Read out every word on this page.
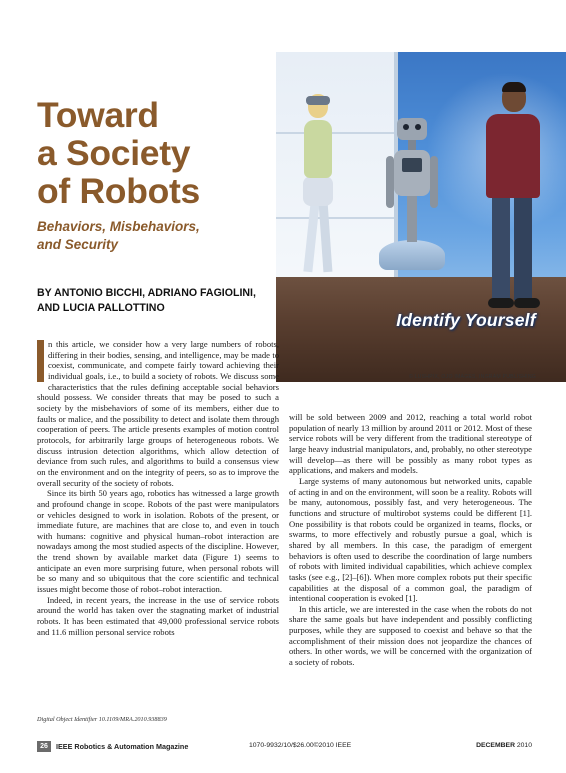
Identify Yourself
© LUSHPIX, OJO IMAGES, INGRAM PUBLISHING
Toward
a Society
of Robots
Behaviors, Misbehaviors,
and Security
BY ANTONIO BICCHI, ADRIANO FAGIOLINI,
AND LUCIA PALLOTTINO

n this article, we consider how a very large numbers of robots, differing in their bodies, sensing, and intelligence, may be made to coexist, communicate, and compete fairly toward achieving their individual goals, i.e., to build a society of robots. We discuss some characteristics that the rules defining acceptable social behaviors should possess. We consider threats that may be posed to such a society by the misbehaviors of some of its members, either due to faults or malice, and the possibility to detect and isolate them through cooperation of peers. The article presents examples of motion control protocols, for arbitrarily large groups of heterogeneous robots. We discuss intrusion detection algorithms, which allow detection of deviance from such rules, and algorithms to build a consensus view on the environment and on the integrity of peers, so as to improve the overall security of the society of robots.

Since its birth 50 years ago, robotics has witnessed a large growth and profound change in scope. Robots of the past were manipulators or vehicles designed to work in isolation. Robots of the present, or immediate future, are machines that are close to, and even in touch with humans: cognitive and physical human–robot interaction are nowadays among the most studied aspects of the discipline. However, the trend shown by available market data (Figure 1) seems to anticipate an even more surprising future, when personal robots will be so many and so ubiquitous that the core scientific and technical issues might become those of robot–robot interaction.

Indeed, in recent years, the increase in the use of service robots around the world has taken over the stagnating market of industrial robots. It has been estimated that 49,000 professional service robots and 11.6 million personal service robots

will be sold between 2009 and 2012, reaching a total world robot population of nearly 13 million by around 2011 or 2012. Most of these service robots will be very different from the traditional stereotype of large heavy industrial manipulators, and, probably, no other stereotype will develop—as there will be possibly as many robot types as applications, and makers and models.

Large systems of many autonomous but networked units, capable of acting in and on the environment, will soon be a reality. Robots will be many, autonomous, possibly fast, and very heterogeneous. The functions and structure of multirobot systems could be different [1]. One possibility is that robots could be organized in teams, flocks, or swarms, to more effectively and robustly pursue a goal, which is shared by all members. In this case, the paradigm of emergent behaviors is often used to describe the coordination of large numbers of robots with limited individual capabilities, which achieve complex tasks (see e.g., [2]–[6]). When more complex robots put their specific capabilities at the disposal of a common goal, the paradigm of intentional cooperation is evoked [1].

In this article, we are interested in the case when the robots do not share the same goals but have independent and possibly conflicting purposes, while they are supposed to coexist and behave so that the accomplishment of their mission does not jeopardize the chances of others. In other words, we will be concerned with the organization of a society of robots.

Digital Object Identifier 10.1109/MRA.2010.938839
26	IEEE Robotics & Automation Magazine	1070-9932/10/$26.00©2010 IEEE	DECEMBER 2010
